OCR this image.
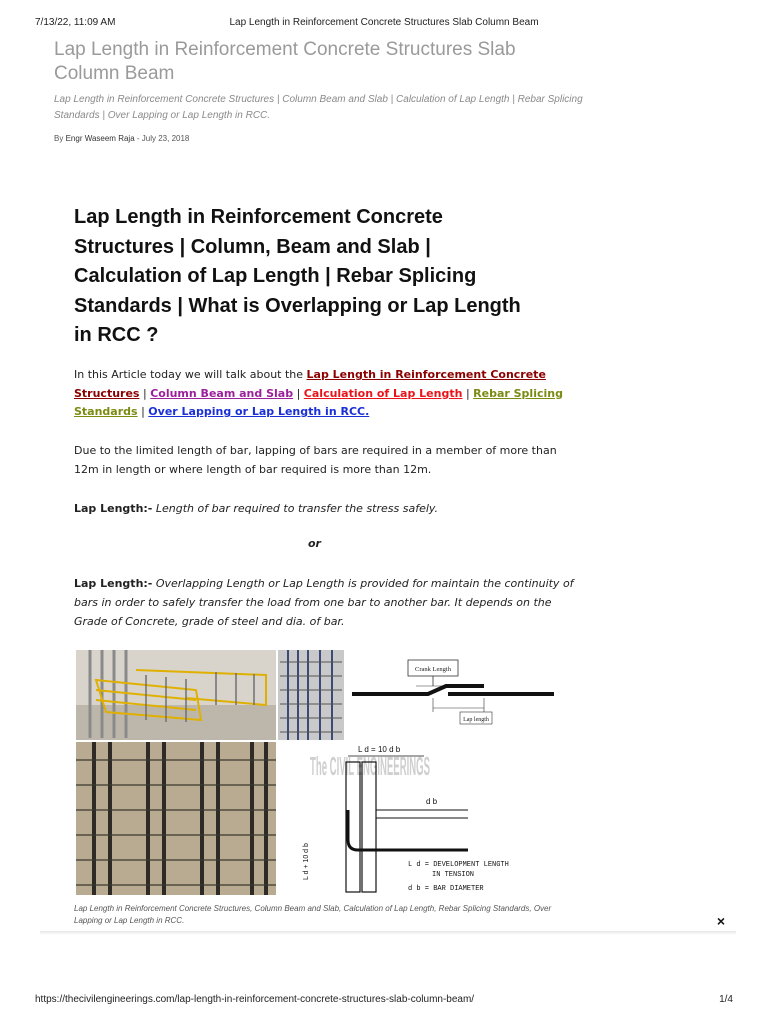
7/13/22, 11:09 AM	Lap Length in Reinforcement Concrete Structures Slab Column Beam
Lap Length in Reinforcement Concrete Structures Slab Column Beam

Lap Length in Reinforcement Concrete Structures | Column Beam and Slab | Calculation of Lap Length | Rebar Splicing Standards | Over Lapping or Lap Length in RCC.

By Engr Waseem Raja - July 23, 2018
Lap Length in Reinforcement Concrete Structures | Column, Beam and Slab | Calculation of Lap Length | Rebar Splicing Standards | What is Overlapping or Lap Length in RCC ?

In this Article today we will talk about the Lap Length in Reinforcement Concrete Structures | Column Beam and Slab | Calculation of Lap Length | Rebar Splicing Standards | Over Lapping or Lap Length in RCC.

Due to the limited length of bar, lapping of bars are required in a member of more than 12m in length or where length of bar required is more than 12m.

Lap Length:- Length of bar required to transfer the stress safely.

or

Lap Length:- Overlapping Length or Lap Length is provided for maintain the continuity of bars in order to safely transfer the load from one bar to another bar. It depends on the Grade of Concrete, grade of steel and dia. of bar.

Crank Length
Lap length
The CIVIL ENGINEERINGS
L d = 10 d b
d b
L d + 10 d b	L d = DEVELOPMENT LENGTH
IN TENSION
d b = BAR DIAMETER

Lap Length in Reinforcement Concrete Structures, Column Beam and Slab, Calculation of Lap Length, Rebar Splicing Standards, Over Lapping or Lap Length in RCC.	×
https://thecivilengineerings.com/lap-length-in-reinforcement-concrete-structures-slab-column-beam/	1/4
